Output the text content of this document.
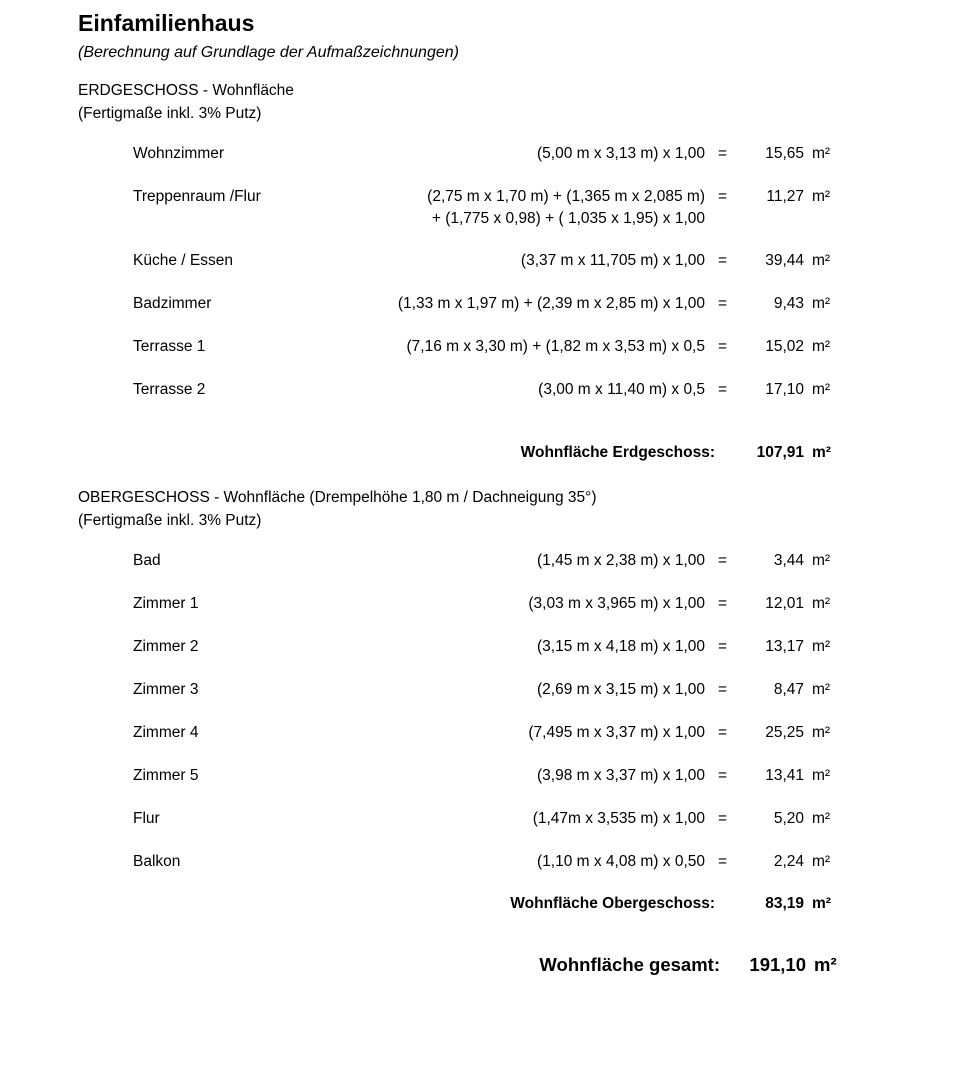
Einfamilienhaus
(Berechnung auf Grundlage der Aufmaßzeichnungen)
ERDGESCHOSS - Wohnfläche
(Fertigmaße inkl. 3% Putz)
Wohnzimmer	(5,00 m x 3,13 m) x 1,00 =	15,65 m²
Treppenraum /Flur	(2,75 m x 1,70 m) + (1,365 m x 2,085 m)
+ (1,775 x 0,98) + ( 1,035 x 1,95) x 1,00
=	11,27 m²
Küche / Essen	(3,37 m x 11,705 m) x 1,00 =	39,44 m²
Badzimmer	(1,33 m x 1,97 m) + (2,39 m x 2,85 m) x 1,00 =	9,43 m²
Terrasse 1	(7,16 m x 3,30 m) + (1,82 m x 3,53 m) x 0,5 =	15,02 m²
Terrasse 2	(3,00 m x 11,40 m) x 0,5 =	17,10 m²
Wohnfläche Erdgeschoss:	107,91 m²
OBERGESCHOSS - Wohnfläche (Drempelhöhe 1,80 m / Dachneigung 35°)
(Fertigmaße inkl. 3% Putz)
Bad	(1,45 m x 2,38 m) x 1,00 =	3,44 m²
Zimmer 1	(3,03 m x 3,965 m) x 1,00 =	12,01 m²
Zimmer 2	(3,15 m x 4,18 m) x 1,00 =	13,17 m²
Zimmer 3	(2,69 m x 3,15 m) x 1,00 =	8,47 m²
Zimmer 4	(7,495 m x 3,37 m) x 1,00 =	25,25 m²
Zimmer 5	(3,98 m x 3,37 m) x 1,00 =	13,41 m²
Flur	(1,47m x 3,535 m) x 1,00 =	5,20 m²
Balkon	(1,10 m x 4,08 m) x 0,50 =	2,24 m²
Wohnfläche Obergeschoss:	83,19 m²
Wohnfläche gesamt:	191,10 m²
